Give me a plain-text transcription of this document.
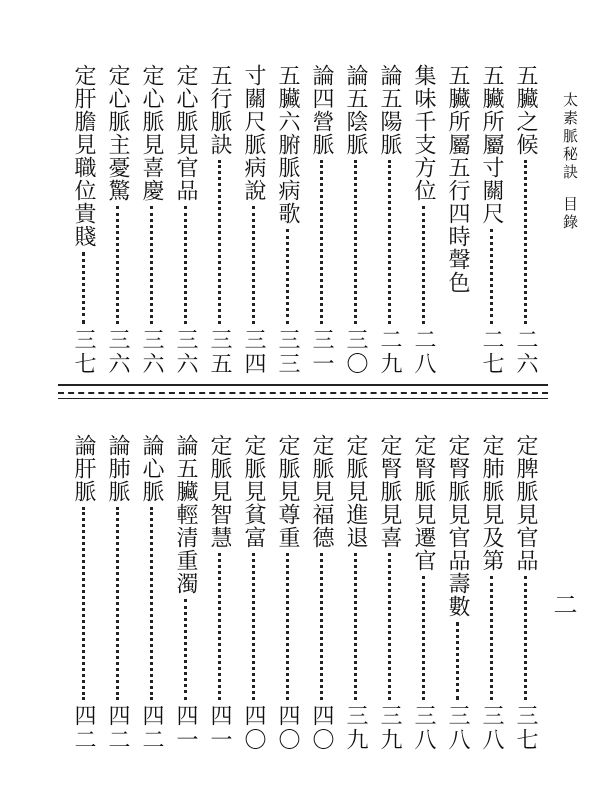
太素脈秘訣目錄
二
五臟之候
二六
五臟所屬寸關尺
二七
五臟所屬五行四時聲色
集味千支方位
二八
論五陽脈
二九
論五陰脈
三〇
論四營脈
三一
五臟六腑脈病歌
三三
寸關尺脈病說
三四
五行脈訣
三五
定心脈見官品
三六
定心脈見喜慶
三六
定心脈主憂驚
三六
定肝膽見職位貴賤
三七
定脾脈見官品
三七
定肺脈見及第
三八
定腎脈見官品壽數
三八
定腎脈見遷官
三八
定腎脈見喜
三九
定脈見進退
三九
定脈見福德
四〇
定脈見尊重
四〇
定脈見貧富
四〇
定脈見智慧
四一
論五臟輕清重濁
四一
論心脈
四二
論肺脈
四二
論肝脈
四二
